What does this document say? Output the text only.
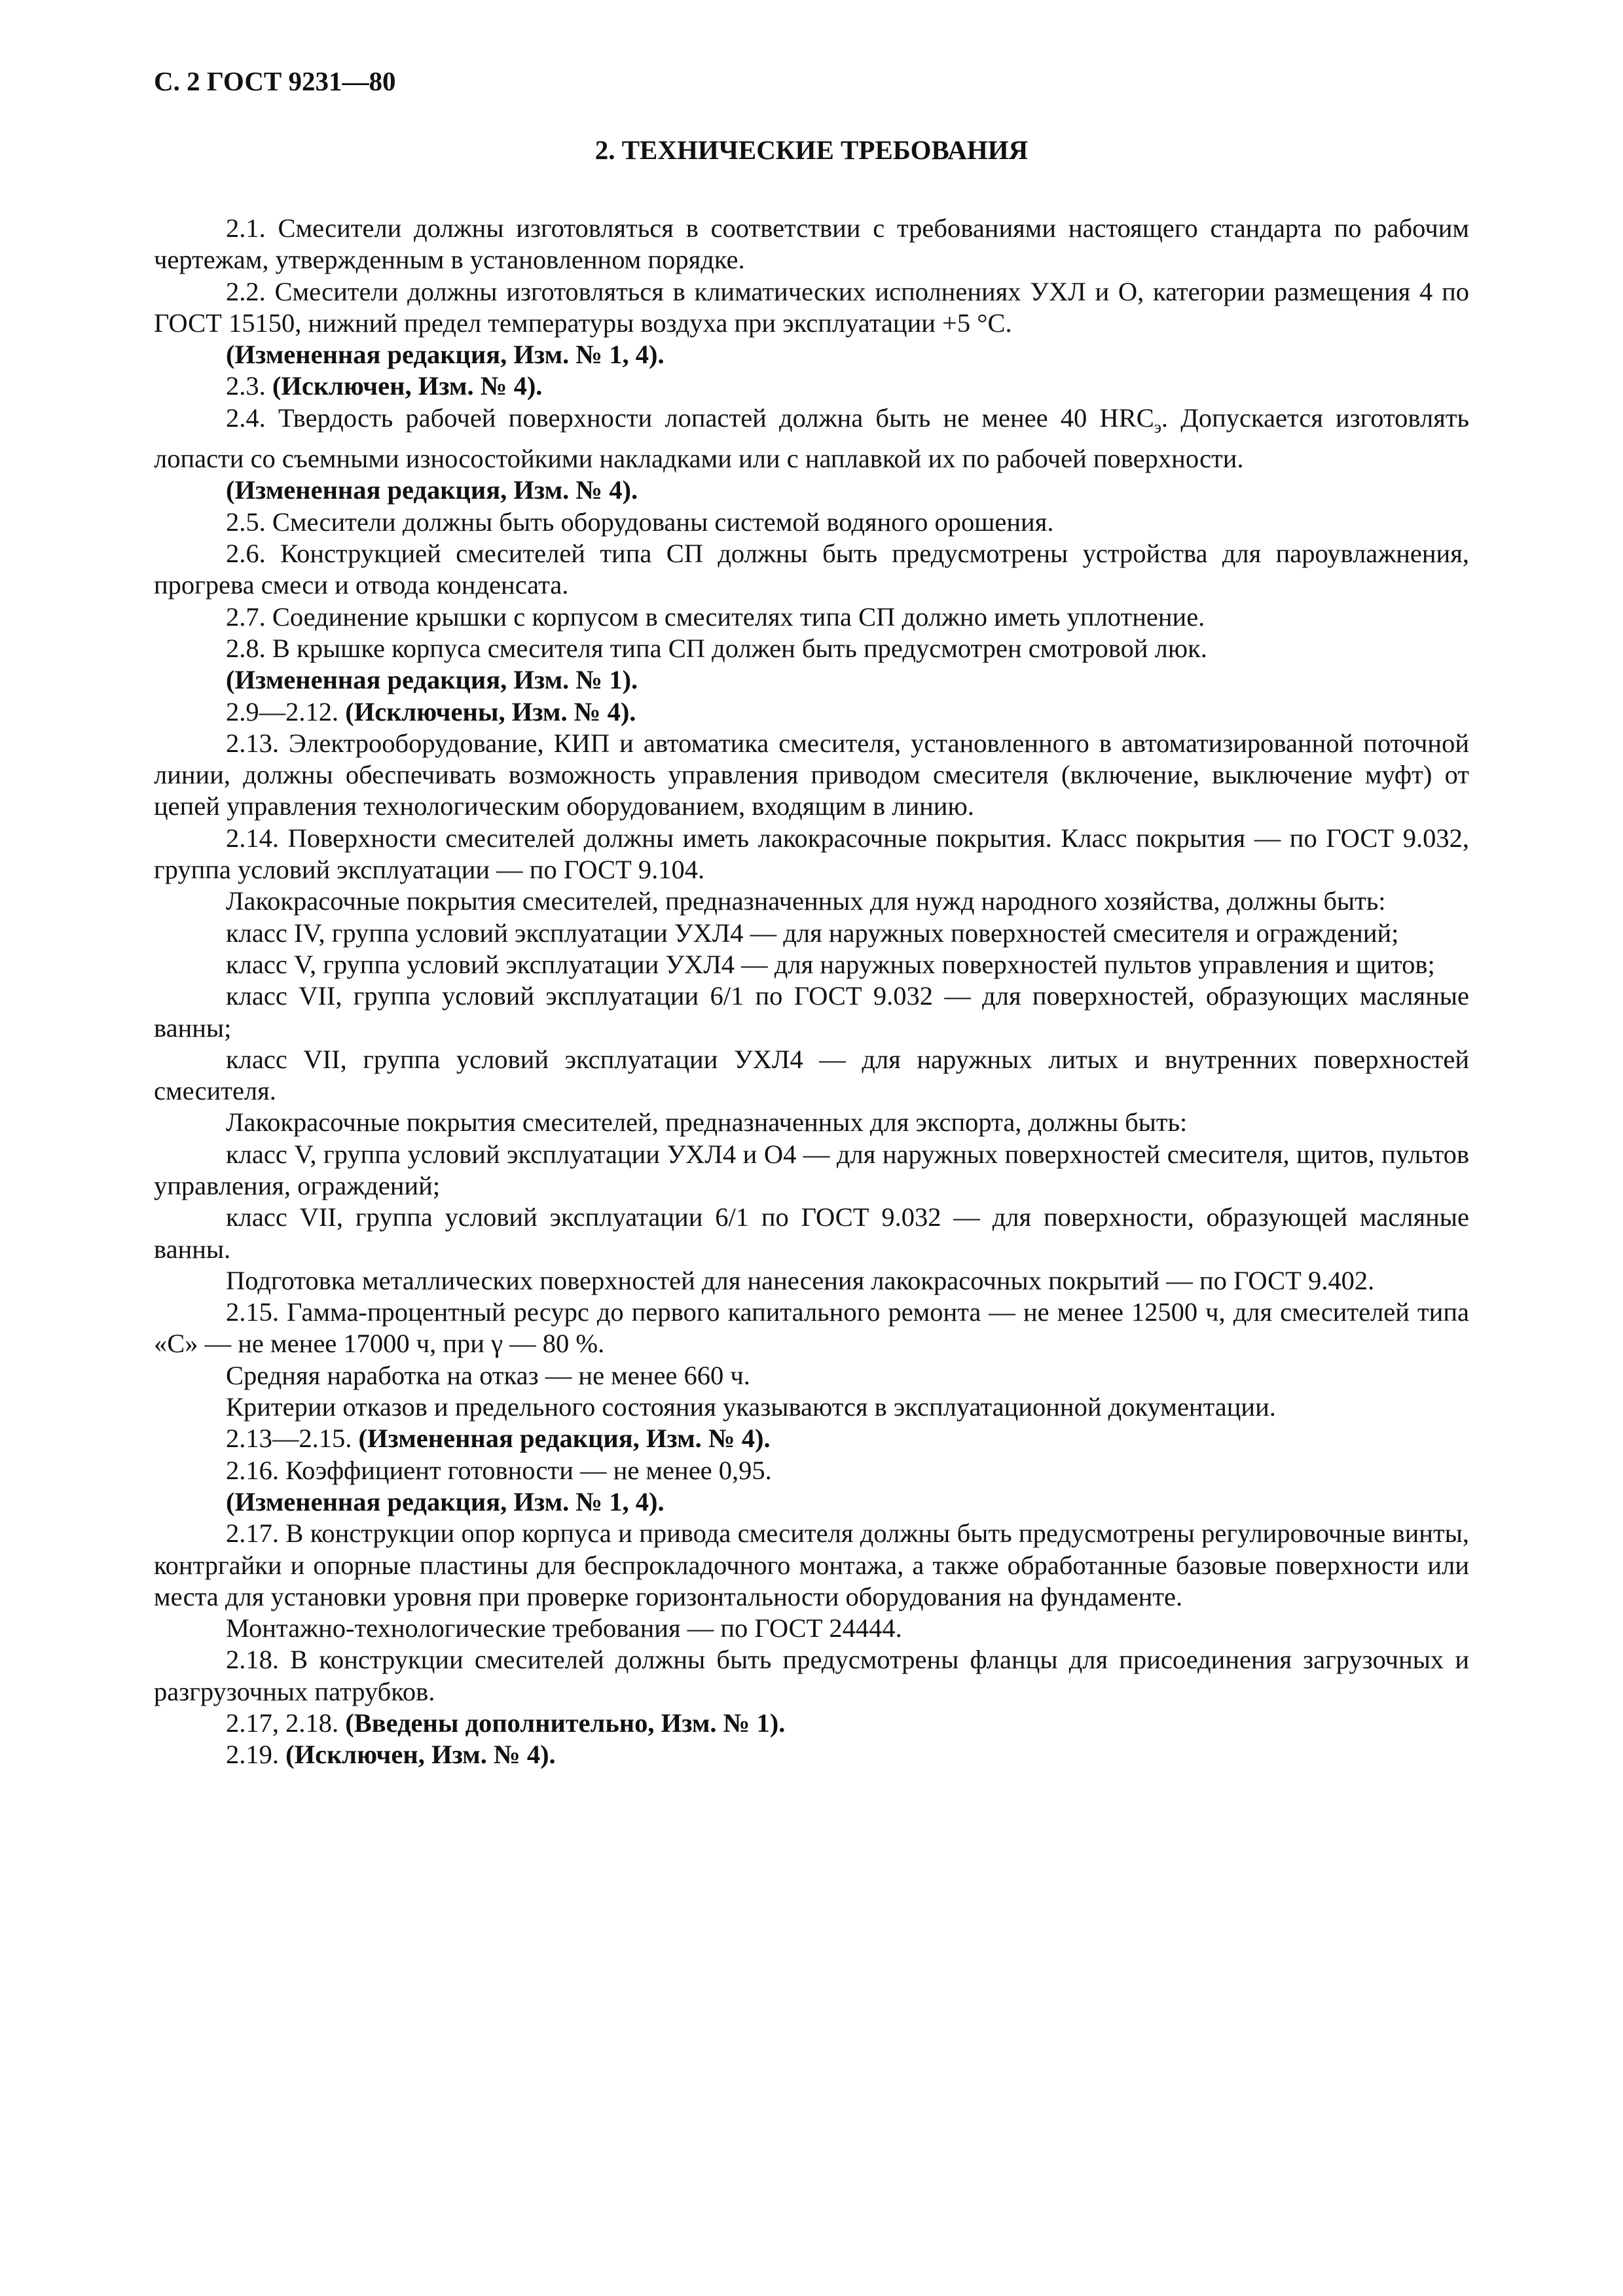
С. 2 ГОСТ 9231—80
2. ТЕХНИЧЕСКИЕ ТРЕБОВАНИЯ

2.1. Смесители должны изготовляться в соответствии с требованиями настоящего стандарта по рабочим чертежам, утвержденным в установленном порядке.

2.2. Смесители должны изготовляться в климатических исполнениях УХЛ и О, категории размещения 4 по ГОСТ 15150, нижний предел температуры воздуха при эксплуатации +5 °С.

(Измененная редакция, Изм. № 1, 4).

2.3. (Исключен, Изм. № 4).

2.4. Твердость рабочей поверхности лопастей должна быть не менее 40 $HRC_э$. Допускается изготовлять лопасти со съемными износостойкими накладками или с наплавкой их по рабочей поверхности.

(Измененная редакция, Изм. № 4).

2.5. Смесители должны быть оборудованы системой водяного орошения.

2.6. Конструкцией смесителей типа СП должны быть предусмотрены устройства для пароувлажнения, прогрева смеси и отвода конденсата.

2.7. Соединение крышки с корпусом в смесителях типа СП должно иметь уплотнение.

2.8. В крышке корпуса смесителя типа СП должен быть предусмотрен смотровой люк.

(Измененная редакция, Изм. № 1).

2.9—2.12. (Исключены, Изм. № 4).

2.13. Электрооборудование, КИП и автоматика смесителя, установленного в автоматизированной поточной линии, должны обеспечивать возможность управления приводом смесителя (включение, выключение муфт) от цепей управления технологическим оборудованием, входящим в линию.

2.14. Поверхности смесителей должны иметь лакокрасочные покрытия. Класс покрытия — по ГОСТ 9.032, группа условий эксплуатации — по ГОСТ 9.104.

Лакокрасочные покрытия смесителей, предназначенных для нужд народного хозяйства, должны быть:

класс IV, группа условий эксплуатации УХЛ4 — для наружных поверхностей смесителя и ограждений;

класс V, группа условий эксплуатации УХЛ4 — для наружных поверхностей пультов управления и щитов;

класс VII, группа условий эксплуатации 6/1 по ГОСТ 9.032 — для поверхностей, образующих масляные ванны;

класс VII, группа условий эксплуатации УХЛ4 — для наружных литых и внутренних поверхностей смесителя.

Лакокрасочные покрытия смесителей, предназначенных для экспорта, должны быть:

класс V, группа условий эксплуатации УХЛ4 и О4 — для наружных поверхностей смесителя, щитов, пультов управления, ограждений;

класс VII, группа условий эксплуатации 6/1 по ГОСТ 9.032 — для поверхности, образующей масляные ванны.

Подготовка металлических поверхностей для нанесения лакокрасочных покрытий — по ГОСТ 9.402.

2.15. Гамма-процентный ресурс до первого капитального ремонта — не менее 12500 ч, для смесителей типа «С» — не менее 17000 ч, при γ — 80 %.

Средняя наработка на отказ — не менее 660 ч.

Критерии отказов и предельного состояния указываются в эксплуатационной документации.

2.13—2.15. (Измененная редакция, Изм. № 4).

2.16. Коэффициент готовности — не менее 0,95.

(Измененная редакция, Изм. № 1, 4).

2.17. В конструкции опор корпуса и привода смесителя должны быть предусмотрены регулировочные винты, контргайки и опорные пластины для беспрокладочного монтажа, а также обработанные базовые поверхности или места для установки уровня при проверке горизонтальности оборудования на фундаменте.

Монтажно-технологические требования — по ГОСТ 24444.

2.18. В конструкции смесителей должны быть предусмотрены фланцы для присоединения загрузочных и разгрузочных патрубков.

2.17, 2.18. (Введены дополнительно, Изм. № 1).

2.19. (Исключен, Изм. № 4).
